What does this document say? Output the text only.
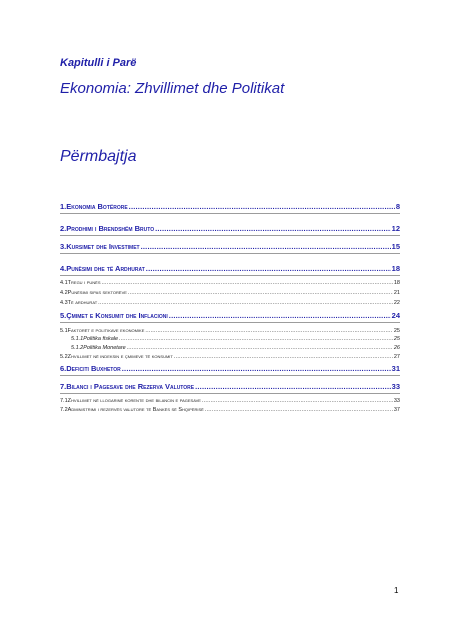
Kapitulli i Parë
Ekonomia: Zhvillimet dhe Politikat
Përmbajtja
1. Ekonomia Botërore .....	8
2. Prodhimi i Brendshëm Bruto .....	12
3. Kursimet dhe Investimet .....	15
4. Punësimi dhe të Ardhurat .....	18
4.1 Tregu i punës .....	18
4.2 Punësimi sipas sektorëve .....	21
4.3 Të ardhurat .....	22
5. Çmimet e Konsumit dhe Inflacioni .....	24
5.1 Faktorët e politikave ekonomike .....	25
5.1.1 Politika fiskale .....	25
5.1.2 Politika Monetare .....	26
5.2 Zhvillimet në indeksin e çmimeve të konsumit .....	27
6. Deficiti Buxhetor .....	31
7. Bilanci i Pagesave dhe Rezerva Valutore .....	33
7.1 Zhvillimet në llogarinë korente dhe bilancin e pagesave .....	33
7.2 Administrimi i rezervës valutore të Bankës së Shqipërisë .....	37
1
